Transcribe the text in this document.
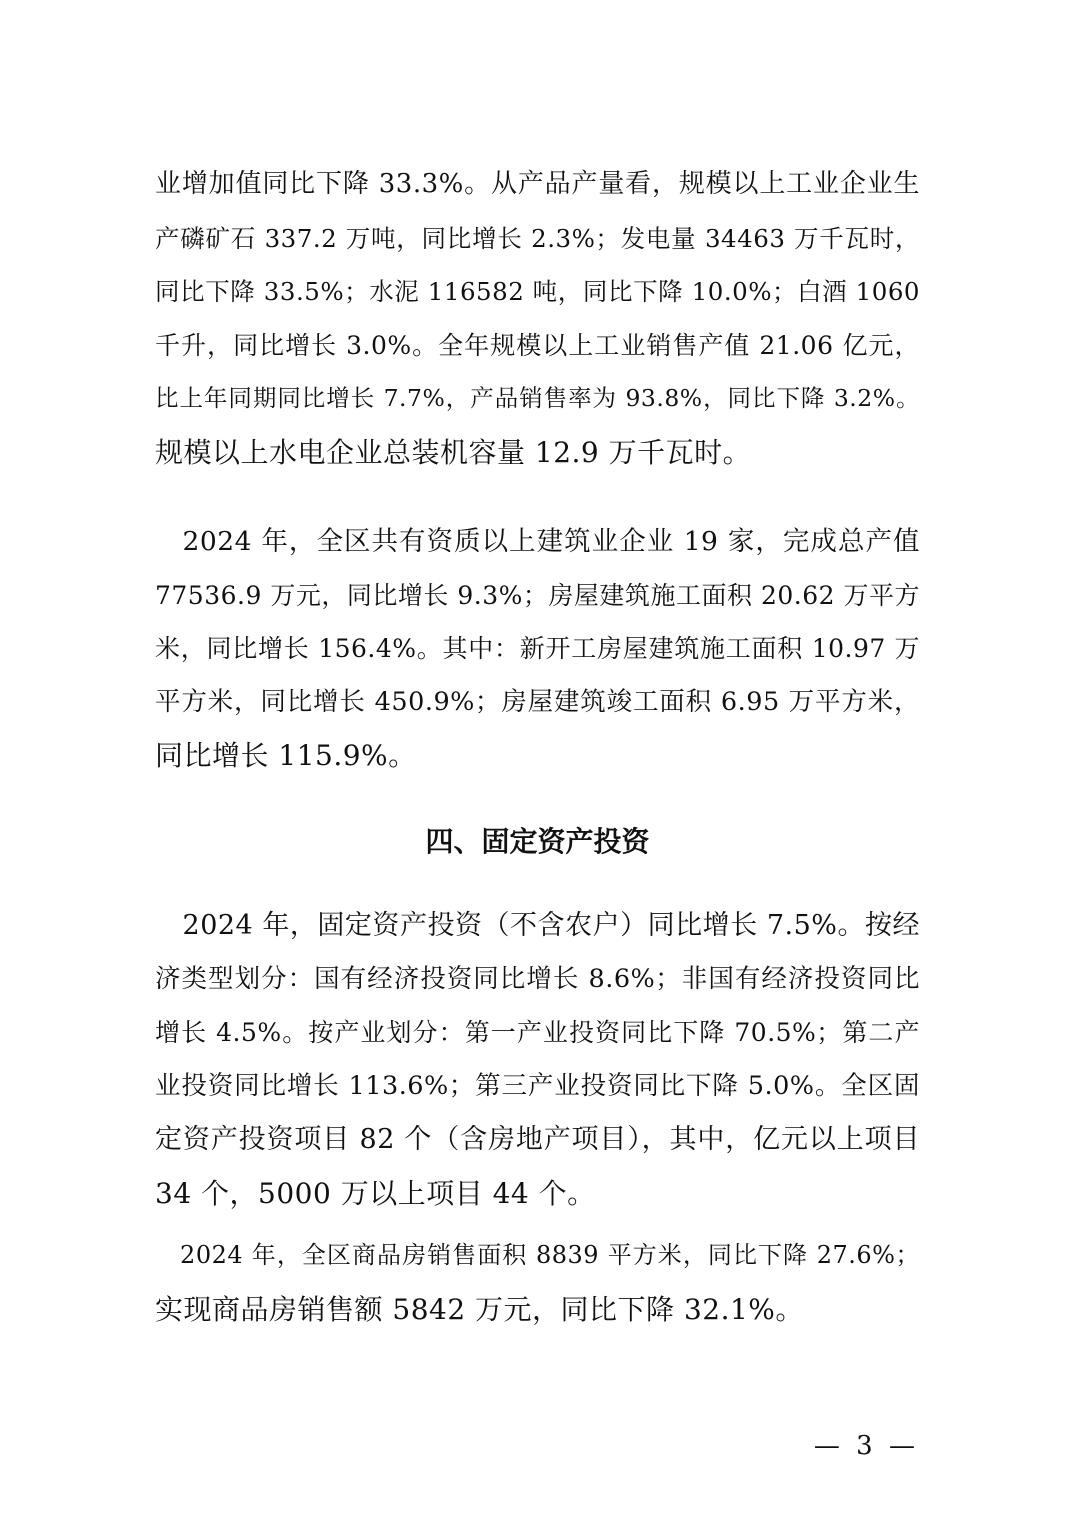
业增加值同比下降 33.3%。从产品产量看，规模以上工业企业生
产磷矿石 337.2 万吨，同比增长 2.3%；发电量 34463 万千瓦时，
同比下降 33.5%；水泥 116582 吨，同比下降 10.0%；白酒 1060
千升，同比增长 3.0%。全年规模以上工业销售产值 21.06 亿元，
比上年同期同比增长 7.7%，产品销售率为 93.8%，同比下降 3.2%。
规模以上水电企业总装机容量 12.9 万千瓦时。
　2024 年，全区共有资质以上建筑业企业 19 家，完成总产值
77536.9 万元，同比增长 9.3%；房屋建筑施工面积 20.62 万平方
米，同比增长 156.4%。其中：新开工房屋建筑施工面积 10.97 万
平方米，同比增长 450.9%；房屋建筑竣工面积 6.95 万平方米，
同比增长 115.9%。
四、固定资产投资
　2024 年，固定资产投资（不含农户）同比增长 7.5%。按经
济类型划分：国有经济投资同比增长 8.6%；非国有经济投资同比
增长 4.5%。按产业划分：第一产业投资同比下降 70.5%；第二产
业投资同比增长 113.6%；第三产业投资同比下降 5.0%。全区固
定资产投资项目 82 个（含房地产项目），其中，亿元以上项目
34 个，5000 万以上项目 44 个。
　2024 年，全区商品房销售面积 8839 平方米，同比下降 27.6%；
实现商品房销售额 5842 万元，同比下降 32.1%。
— 3 —
